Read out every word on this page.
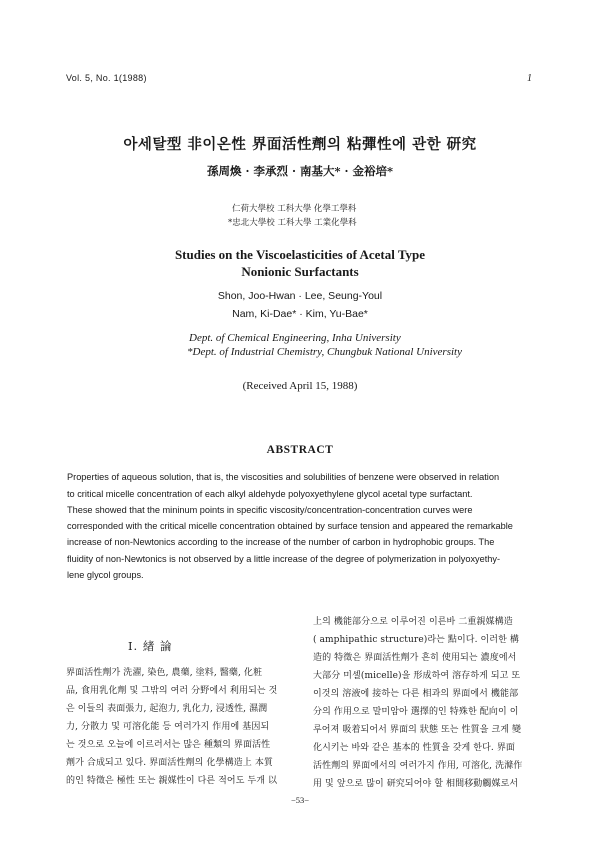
Vol. 5, No. 1(1988)	1
아세탈型 非이온性 界面活性劑의 粘彈性에 관한 研究
孫周煥 · 李承烈 · 南基大* · 金裕培*
仁荷大學校 工科大學 化學工學科
*忠北大學校 工科大學 工業化學科
Studies on the Viscoelasticities of Acetal Type
Nonionic Surfactants
Shon, Joo-Hwan · Lee, Seung-Youl
Nam, Ki-Dae* · Kim, Yu-Bae*
Dept. of Chemical Engineering, Inha University
*Dept. of Industrial Chemistry, Chungbuk National University
(Received April 15, 1988)
ABSTRACT
Properties of aqueous solution, that is, the viscosities and solubilities of benzene were observed in relation
to critical micelle concentration of each alkyl aldehyde polyoxyethylene glycol acetal type surfactant.
These showed that the mininum points in specific viscosity/concentration-concentration curves were
corresponded with the critical micelle concentration obtained by surface tension and appeared the remarkable
increase of non-Newtonics according to the increase of the number of carbon in hydrophobic groups. The
fluidity of non-Newtonics is not observed by a little increase of the degree of polymerization in polyoxyethy-
lene glycol groups.
Ⅰ. 緖 論
界面活性劑가 洗濯, 染色, 農藥, 塗料, 醫藥, 化粧
品, 食用乳化劑 및 그밖의 여러 分野에서 利用되는 것
은 이들의 表面張力, 起泡力, 乳化力, 浸透性, 濕潤
力, 分散力 및 可溶化能 등 여러가지 作用에 基因되
는 것으로 오늘에 이르러서는 많은 種類의 界面活性
劑가 合成되고 있다. 界面活性劑의 化學構造上 本質
的인 特徵은 極性 또는 親媒性이 다른 적어도 두개 以
上의 機能部分으로 이루어진 이른바 二重親媒構造
( amphipathic structure)라는 點이다. 이러한 構
造的 特徵은 界面活性劑가 흔히 使用되는 濃度에서
大部分 미셀(micelle)을 形成하여 溶存하게 되고 또
이것의 溶液에 接하는 다른 相과의 界面에서 機能部
分의 作用으로 말미암아 選擇的인 特殊한 配向이 이
루어져 吸着되어서 界面의 狀態 또는 性質을 크게 變
化시키는 바와 같은 基本的 性質을 갖게 한다. 界面
活性劑의 界面에서의 여러가지 作用, 可溶化, 洗滌作
用 및 앞으로 많이 研究되어야 할 相間移動觸媒로서
−53−
